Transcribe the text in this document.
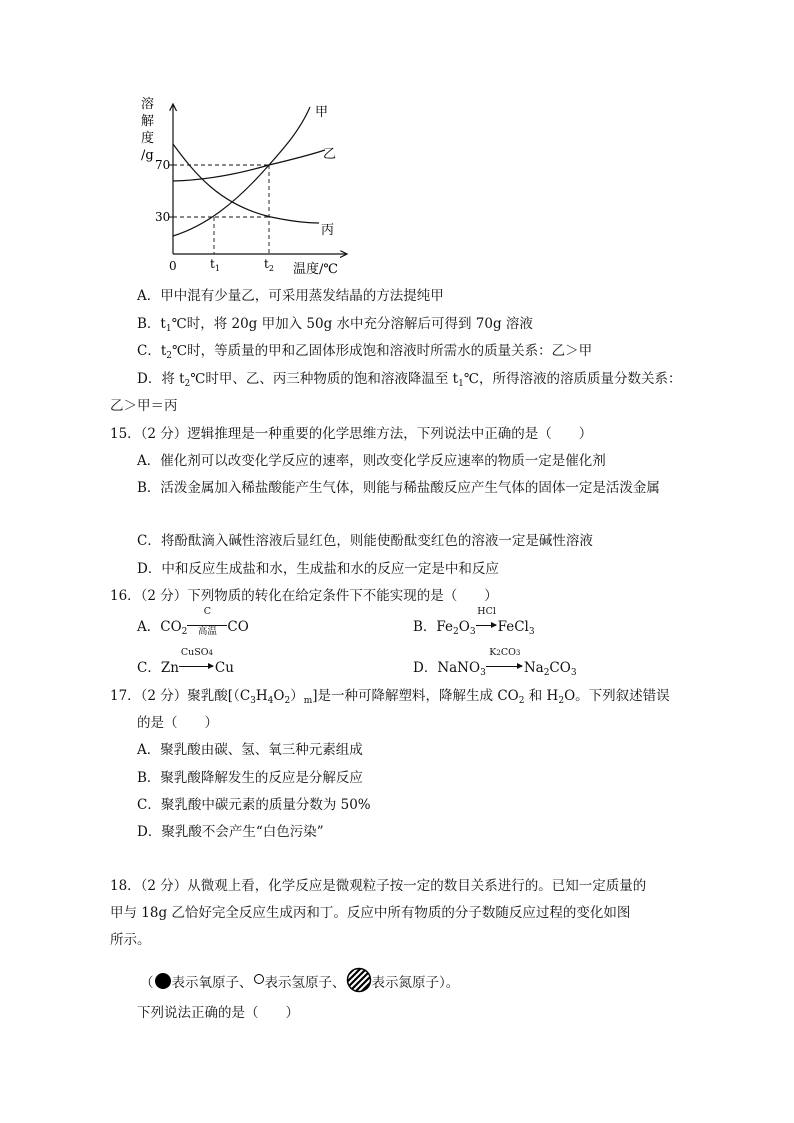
溶解度/g
70
30
0	$t_1$	$t_2$ 温度/℃
甲
乙
丙
A．甲中混有少量乙，可采用蒸发结晶的方法提纯甲
B．$t_1℃$时，将 20g 甲加入 50g 水中充分溶解后可得到 70g 溶液
C．$t_2℃$时，等质量的甲和乙固体形成饱和溶液时所需水的质量关系：乙＞甲
D．将 $t_2℃$时甲、乙、丙三种物质的饱和溶液降温至 $t_1℃$，所得溶液的溶质质量分数关系：
乙＞甲＝丙
15．（2 分）逻辑推理是一种重要的化学思维方法，下列说法中正确的是（　　）
A．催化剂可以改变化学反应的速率，则改变化学反应速率的物质一定是催化剂
B．活泼金属加入稀盐酸能产生气体，则能与稀盐酸反应产生气体的固体一定是活泼金属
C．将酚酞滴入碱性溶液后显红色，则能使酚酞变红色的溶液一定是碱性溶液
D．中和反应生成盐和水，生成盐和水的反应一定是中和反应
16．（2 分）下列物质的转化在给定条件下不能实现的是（　　）
A．$CO_2$
C
高温 CO	B．$Fe_2O_3$
HCl
FeCl$_3$
C．Zn
CuSO4
Cu	D．NaNO$_3$
K2CO3
$Na_2CO_3$
17．（2 分）聚乳酸$[(C_3H_4O_2)_m]$是一种可降解塑料，降解生成 $CO_2$ 和 $H_2O$。下列叙述错误
的是（　　）
A．聚乳酸由碳、氢、氧三种元素组成
B．聚乳酸降解发生的反应是分解反应
C．聚乳酸中碳元素的质量分数为 50%
D．聚乳酸不会产生“白色污染”
18．（2 分）从微观上看，化学反应是微观粒子按一定的数目关系进行的。已知一定质量的
甲与 18g 乙恰好完全反应生成丙和丁。反应中所有物质的分子数随反应过程的变化如图
所示。
（ 表示氧原子、 表示氢原子、 表示氮原子）。
下列说法正确的是（　　）
